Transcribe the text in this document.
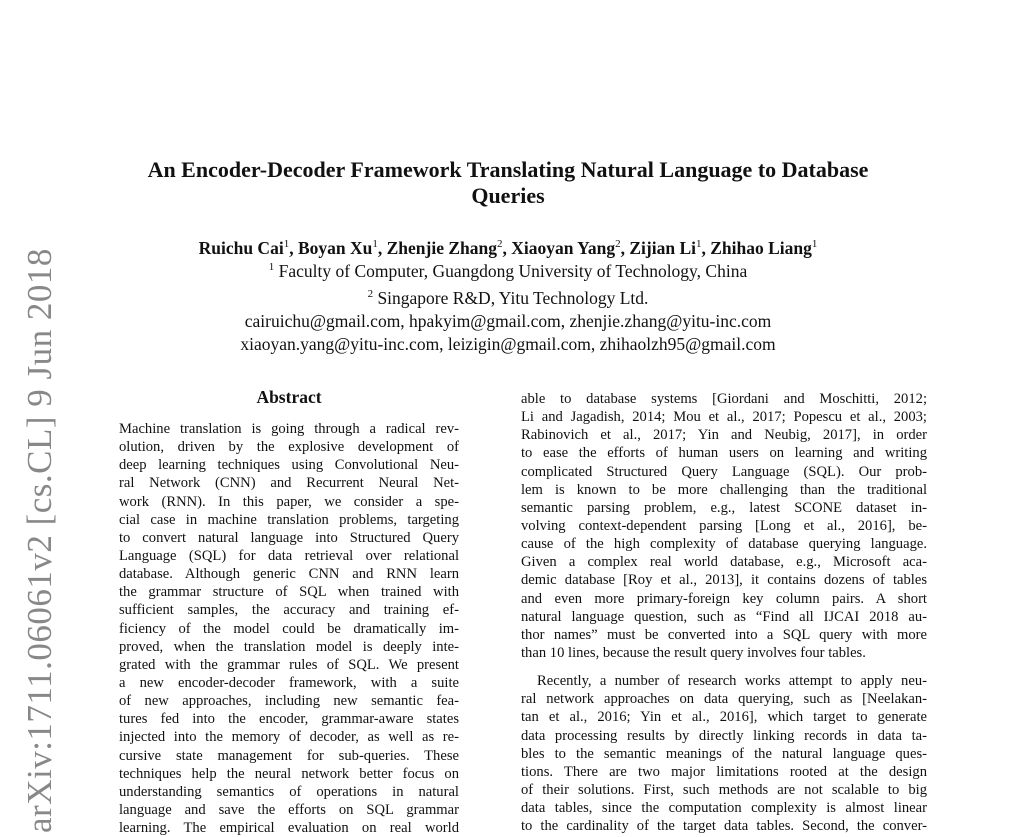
arXiv:1711.06061v2 [cs.CL] 9 Jun 2018
An Encoder-Decoder Framework Translating Natural Language to Database
Queries
Ruichu Cai$^1$, Boyan Xu$^1$, Zhenjie Zhang$^2$, Xiaoyan Yang$^2$, Zijian Li$^1$, Zhihao Liang$^1$
$^1$ Faculty of Computer, Guangdong University of Technology, China
$^2$ Singapore R&D, Yitu Technology Ltd.
cairuichu@gmail.com, hpakyim@gmail.com, zhenjie.zhang@yitu-inc.com
xiaoyan.yang@yitu-inc.com, leizigin@gmail.com, zhihaolzh95@gmail.com
Abstract
Machine translation is going through a radical rev-
olution, driven by the explosive development of
deep learning techniques using Convolutional Neu-
ral Network (CNN) and Recurrent Neural Net-
work (RNN). In this paper, we consider a spe-
cial case in machine translation problems, targeting
to convert natural language into Structured Query
Language (SQL) for data retrieval over relational
database. Although generic CNN and RNN learn
the grammar structure of SQL when trained with
sufficient samples, the accuracy and training ef-
ficiency of the model could be dramatically im-
proved, when the translation model is deeply inte-
grated with the grammar rules of SQL. We present
a new encoder-decoder framework, with a suite
of new approaches, including new semantic fea-
tures fed into the encoder, grammar-aware states
injected into the memory of decoder, as well as re-
cursive state management for sub-queries. These
techniques help the neural network better focus on
understanding semantics of operations in natural
language and save the efforts on SQL grammar
learning. The empirical evaluation on real world
able to database systems [Giordani and Moschitti, 2012;
Li and Jagadish, 2014; Mou et al., 2017; Popescu et al., 2003;
Rabinovich et al., 2017; Yin and Neubig, 2017], in order
to ease the efforts of human users on learning and writing
complicated Structured Query Language (SQL). Our prob-
lem is known to be more challenging than the traditional
semantic parsing problem, e.g., latest SCONE dataset in-
volving context-dependent parsing [Long et al., 2016], be-
cause of the high complexity of database querying language.
Given a complex real world database, e.g., Microsoft aca-
demic database [Roy et al., 2013], it contains dozens of tables
and even more primary-foreign key column pairs. A short
natural language question, such as “Find all IJCAI 2018 au-
thor names” must be converted into a SQL query with more
than 10 lines, because the result query involves four tables.
Recently, a number of research works attempt to apply neu-
ral network approaches on data querying, such as [Neelakan-
tan et al., 2016; Yin et al., 2016], which target to generate
data processing results by directly linking records in data ta-
bles to the semantic meanings of the natural language ques-
tions. There are two major limitations rooted at the design
of their solutions. First, such methods are not scalable to big
data tables, since the computation complexity is almost linear
to the cardinality of the target data tables. Second, the conver-
